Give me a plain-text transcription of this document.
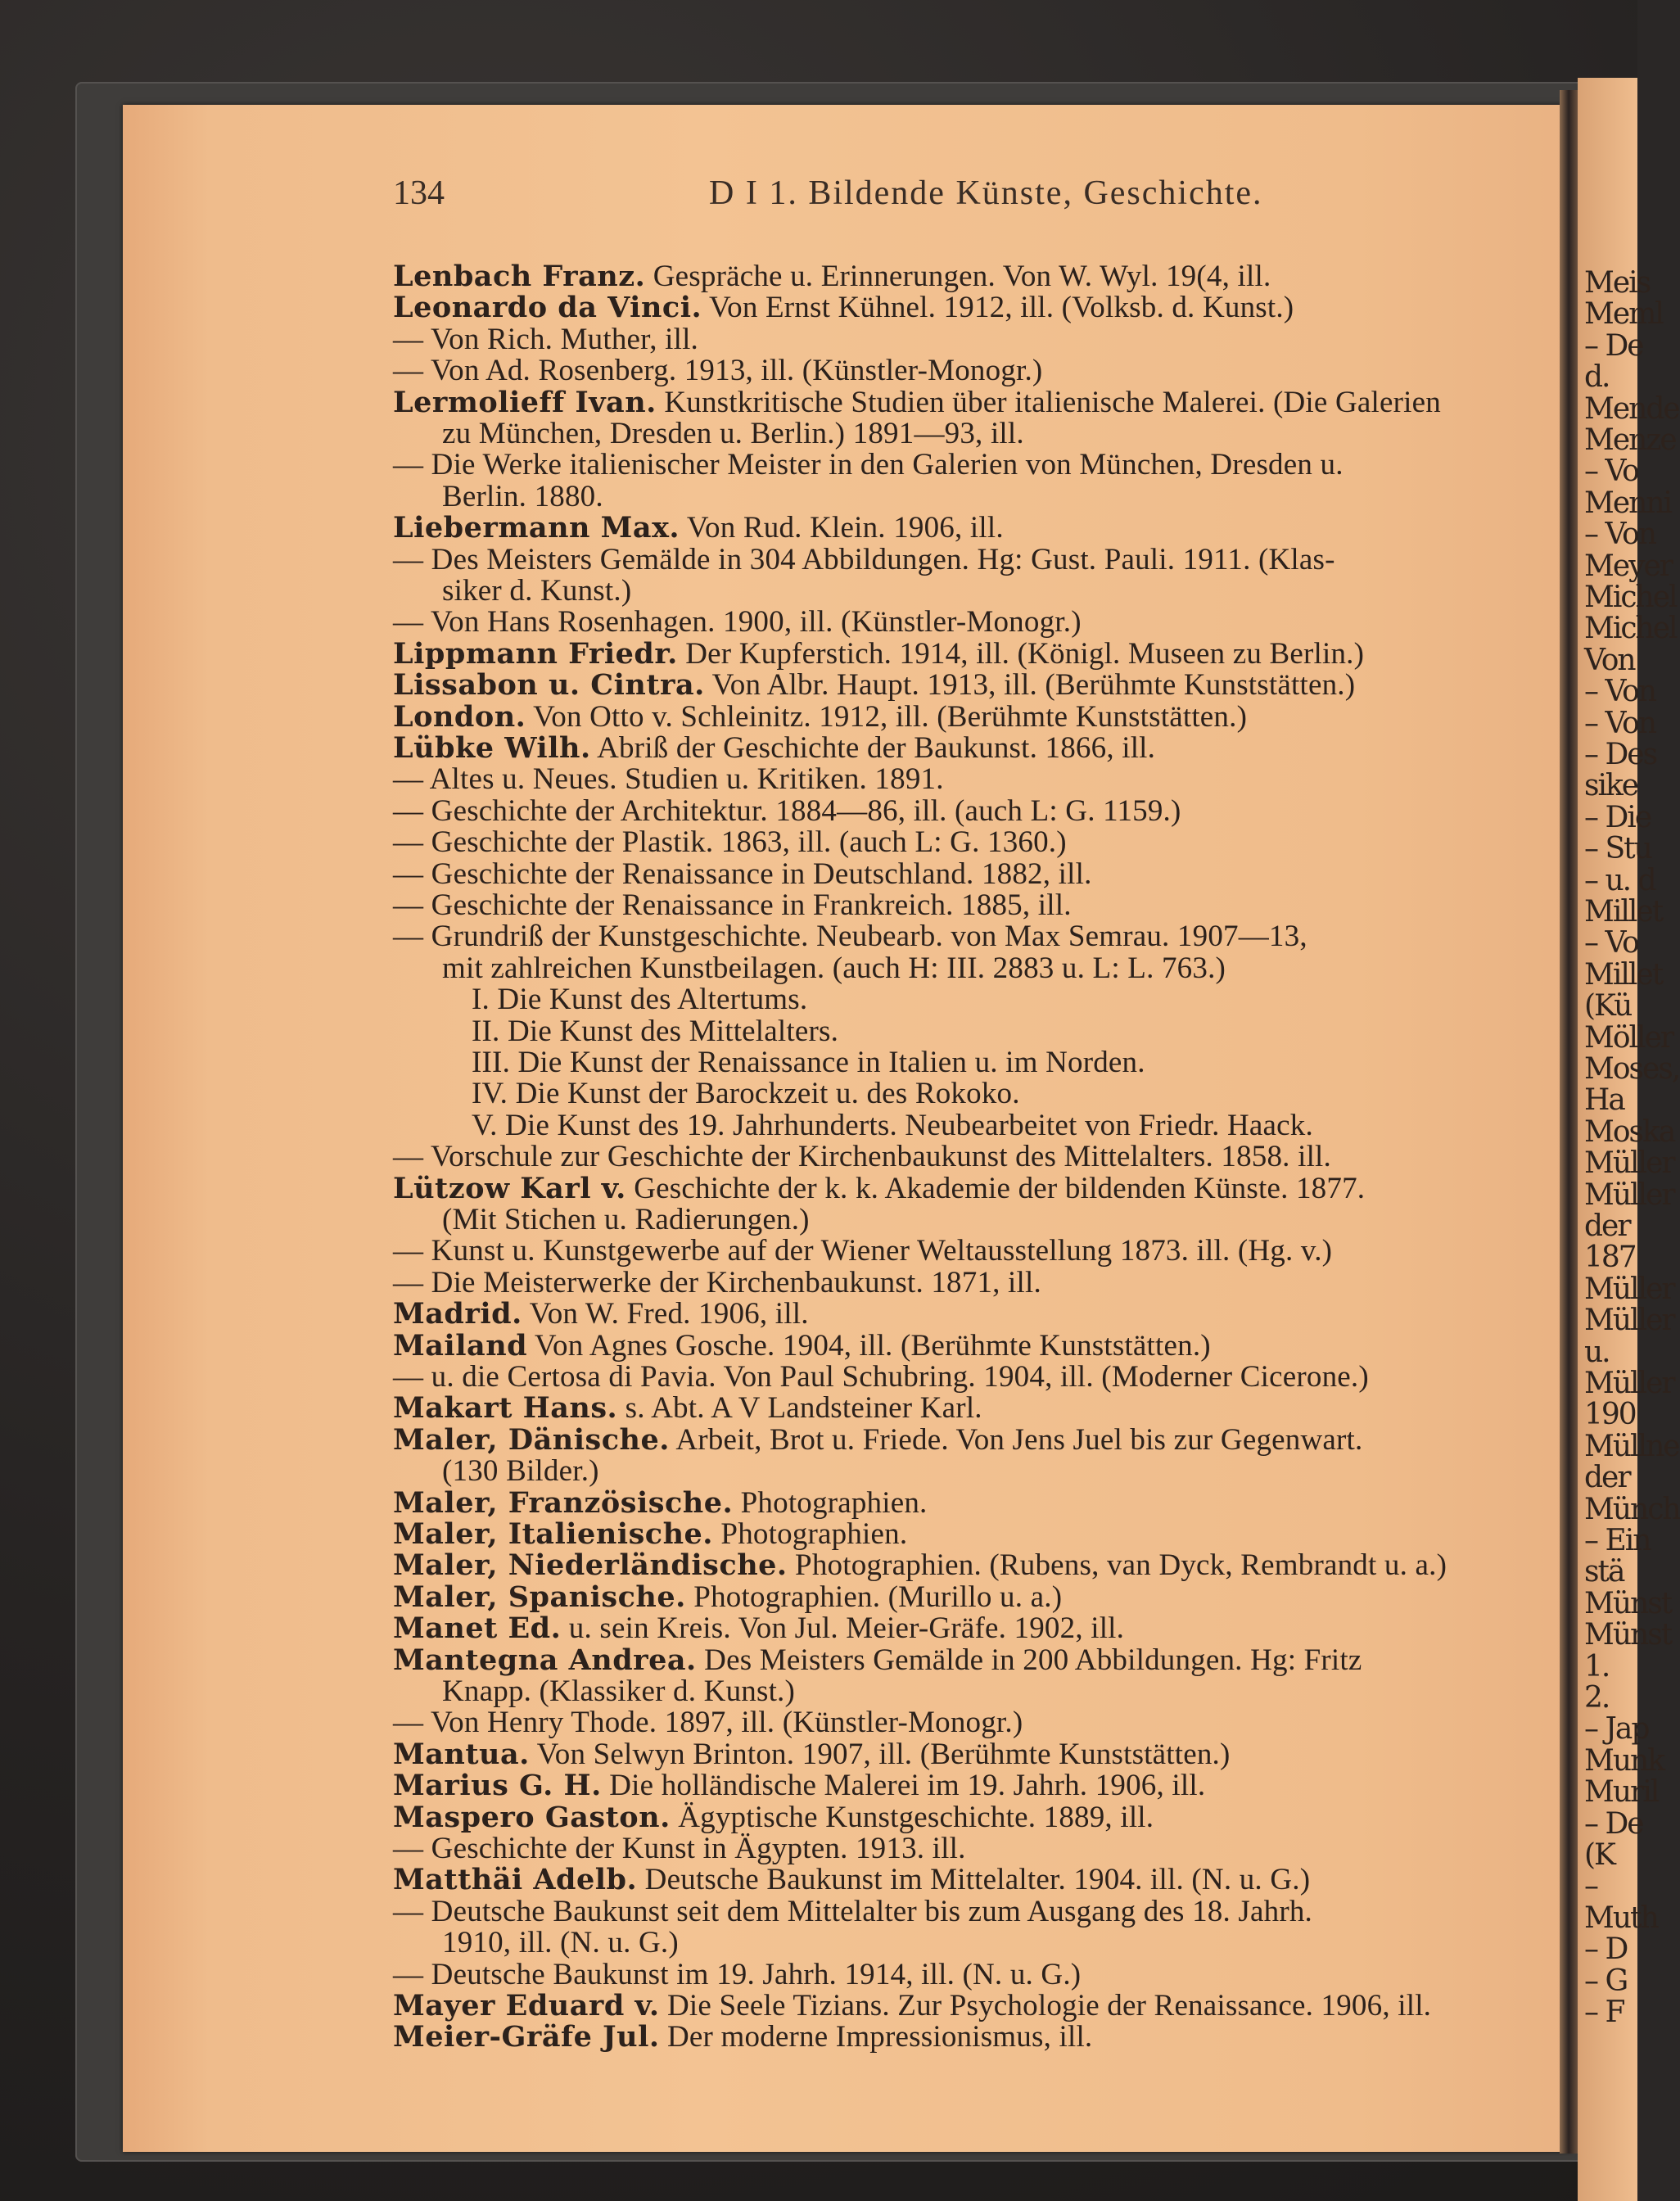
Meis
Meml
– De
d.
Mende
Menze
– Vo
Menni
– Von
Meyer
Michel
Michel
Von
– Von
– Von
– Des
sike
– Die
– Stu
– u. d
Millet
– Vo
Millet
(Kü
Möller
Moses,
Ha
Moska
Müller
Müller
der
187
Müller
Müller
u.
Müller
190
Müllne
der
Münch
– Ein
stä
Münst
Münst
1.
2.
– Jap
Munk
Muril
– De
(K
–
Muth
– D
– G
– F
134	D I 1. Bildende Künste, Geschichte.
Lenbach Franz. Gespräche u. Erinnerungen. Von W. Wyl. 19(4, ill.
Leonardo da Vinci. Von Ernst Kühnel. 1912, ill. (Volksb. d. Kunst.)
— Von Rich. Muther, ill.
— Von Ad. Rosenberg. 1913, ill. (Künstler-Monogr.)
Lermolieff Ivan. Kunstkritische Studien über italienische Malerei. (Die Galerien
zu München, Dresden u. Berlin.) 1891—93, ill.
— Die Werke italienischer Meister in den Galerien von München, Dresden u.
Berlin. 1880.
Liebermann Max. Von Rud. Klein. 1906, ill.
— Des Meisters Gemälde in 304 Abbildungen. Hg: Gust. Pauli. 1911. (Klas-
siker d. Kunst.)
— Von Hans Rosenhagen. 1900, ill. (Künstler-Monogr.)
Lippmann Friedr. Der Kupferstich. 1914, ill. (Königl. Museen zu Berlin.)
Lissabon u. Cintra. Von Albr. Haupt. 1913, ill. (Berühmte Kunststätten.)
London. Von Otto v. Schleinitz. 1912, ill. (Berühmte Kunststätten.)
Lübke Wilh. Abriß der Geschichte der Baukunst. 1866, ill.
— Altes u. Neues. Studien u. Kritiken. 1891.
— Geschichte der Architektur. 1884—86, ill. (auch L: G. 1159.)
— Geschichte der Plastik. 1863, ill. (auch L: G. 1360.)
— Geschichte der Renaissance in Deutschland. 1882, ill.
— Geschichte der Renaissance in Frankreich. 1885, ill.
— Grundriß der Kunstgeschichte. Neubearb. von Max Semrau. 1907—13,
mit zahlreichen Kunstbeilagen. (auch H: III. 2883 u. L: L. 763.)
I. Die Kunst des Altertums.
II. Die Kunst des Mittelalters.
III. Die Kunst der Renaissance in Italien u. im Norden.
IV. Die Kunst der Barockzeit u. des Rokoko.
V. Die Kunst des 19. Jahrhunderts. Neubearbeitet von Friedr. Haack.
— Vorschule zur Geschichte der Kirchenbaukunst des Mittelalters. 1858. ill.
Lützow Karl v. Geschichte der k. k. Akademie der bildenden Künste. 1877.
(Mit Stichen u. Radierungen.)
— Kunst u. Kunstgewerbe auf der Wiener Weltausstellung 1873. ill. (Hg. v.)
— Die Meisterwerke der Kirchenbaukunst. 1871, ill.
Madrid. Von W. Fred. 1906, ill.
Mailand Von Agnes Gosche. 1904, ill. (Berühmte Kunststätten.)
— u. die Certosa di Pavia. Von Paul Schubring. 1904, ill. (Moderner Cicerone.)
Makart Hans. s. Abt. A V Landsteiner Karl.
Maler, Dänische. Arbeit, Brot u. Friede. Von Jens Juel bis zur Gegenwart.
(130 Bilder.)
Maler, Französische. Photographien.
Maler, Italienische. Photographien.
Maler, Niederländische. Photographien. (Rubens, van Dyck, Rembrandt u. a.)
Maler, Spanische. Photographien. (Murillo u. a.)
Manet Ed. u. sein Kreis. Von Jul. Meier-Gräfe. 1902, ill.
Mantegna Andrea. Des Meisters Gemälde in 200 Abbildungen. Hg: Fritz
Knapp. (Klassiker d. Kunst.)
— Von Henry Thode. 1897, ill. (Künstler-Monogr.)
Mantua. Von Selwyn Brinton. 1907, ill. (Berühmte Kunststätten.)
Marius G. H. Die holländische Malerei im 19. Jahrh. 1906, ill.
Maspero Gaston. Ägyptische Kunstgeschichte. 1889, ill.
— Geschichte der Kunst in Ägypten. 1913. ill.
Matthäi Adelb. Deutsche Baukunst im Mittelalter. 1904. ill. (N. u. G.)
— Deutsche Baukunst seit dem Mittelalter bis zum Ausgang des 18. Jahrh.
1910, ill. (N. u. G.)
— Deutsche Baukunst im 19. Jahrh. 1914, ill. (N. u. G.)
Mayer Eduard v. Die Seele Tizians. Zur Psychologie der Renaissance. 1906, ill.
Meier-Gräfe Jul. Der moderne Impressionismus, ill.
